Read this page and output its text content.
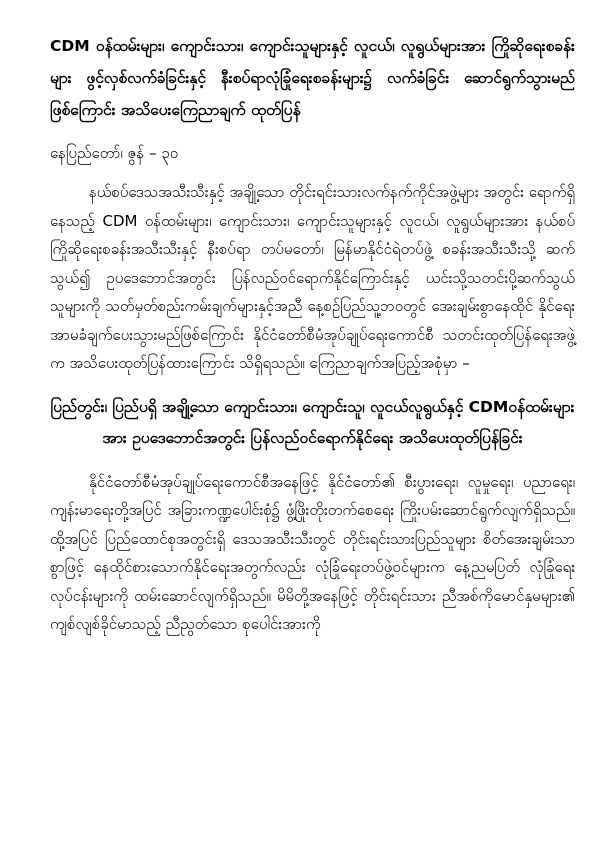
CDM ဝန်ထမ်းများ၊ ကျောင်းသား၊ ကျောင်းသူများနှင့် လူငယ်၊ လူရွယ်များအား ကြိုဆိုရေးစခန်းများ ဖွင့်လှစ်လက်ခံခြင်းနှင့် နီးစပ်ရာလုံခြုံရေးစခန်းများ၌ လက်ခံခြင်း ဆောင်ရွက်သွားမည်ဖြစ်ကြောင်း အသိပေးကြေညာချက် ထုတ်ပြန်

နေပြည်တော်၊ ဇွန် – ၃၀

နယ်စပ်ဒေသအသီးသီးနှင့် အချို့သော တိုင်းရင်းသားလက်နက်ကိုင်အဖွဲ့များ အတွင်း ရောက်ရှိနေသည့် CDM ဝန်ထမ်းများ၊ ကျောင်းသား၊ ကျောင်းသူများနှင့် လူငယ်၊ လူရွယ်များအား နယ်စပ်ကြိုဆိုရေးစခန်းအသီးသီးနှင့် နီးစပ်ရာ တပ်မတော်၊ မြန်မာနိုင်ငံရဲတပ်ဖွဲ့ စခန်းအသီးသီးသို့ ဆက်သွယ်၍ ဥပဒေဘောင်အတွင်း ပြန်လည်ဝင်ရောက်နိုင်ကြောင်းနှင့် ယင်းသို့သတင်းပို့ဆက်သွယ်သူများကို သတ်မှတ်စည်းကမ်းချက်များနှင့်အညီ နေ့စဉ်ပြည်သူ့ဘဝတွင် အေးချမ်းစွာနေထိုင် နိုင်ရေး အာမခံချက်ပေးသွားမည်ဖြစ်ကြောင်း နိုင်ငံတော်စီမံအုပ်ချုပ်ရေးကောင်စီ သတင်းထုတ်ပြန်ရေးအဖွဲ့က အသိပေးထုတ်ပြန်ထားကြောင်း သိရှိရသည်။ ကြေညာချက်အပြည့်အစုံမှာ –

ပြည်တွင်း၊ ပြည်ပရှိ အချို့သော ကျောင်းသား၊ ကျောင်းသူ၊ လူငယ်လူရွယ်နှင့် CDMဝန်ထမ်းများအား ဥပဒေဘောင်အတွင်း ပြန်လည်ဝင်ရောက်နိုင်ရေး အသိပေးထုတ်ပြန်ခြင်း

နိုင်ငံတော်စီမံအုပ်ချုပ်ရေးကောင်စီအနေဖြင့် နိုင်ငံတော်၏ စီးပွားရေး၊ လူမှုရေး၊ ပညာရေး၊ ကျန်းမာရေးတို့အပြင် အခြားကဏ္ဍပေါင်းစုံ၌ ဖွံ့ဖြိုးတိုးတက်စေရေး ကြိုးပမ်းဆောင်ရွက်လျက်ရှိသည်။ ထို့အပြင် ပြည်ထောင်စုအတွင်းရှိ ဒေသအသီးသီးတွင် တိုင်းရင်းသားပြည်သူများ စိတ်အေးချမ်းသာစွာဖြင့် နေထိုင်စားသောက်နိုင်ရေးအတွက်လည်း လုံခြုံရေးတပ်ဖွဲ့ဝင်များက နေ့ညမပြတ် လုံခြုံရေးလုပ်ငန်းများကို ထမ်းဆောင်လျက်ရှိသည်။ မိမိတို့အနေဖြင့် တိုင်းရင်းသား ညီအစ်ကိုမောင်နှမများ၏ ကျစ်လျစ်ခိုင်မာသည့် ညီညွတ်သော စုပေါင်းအားကို
